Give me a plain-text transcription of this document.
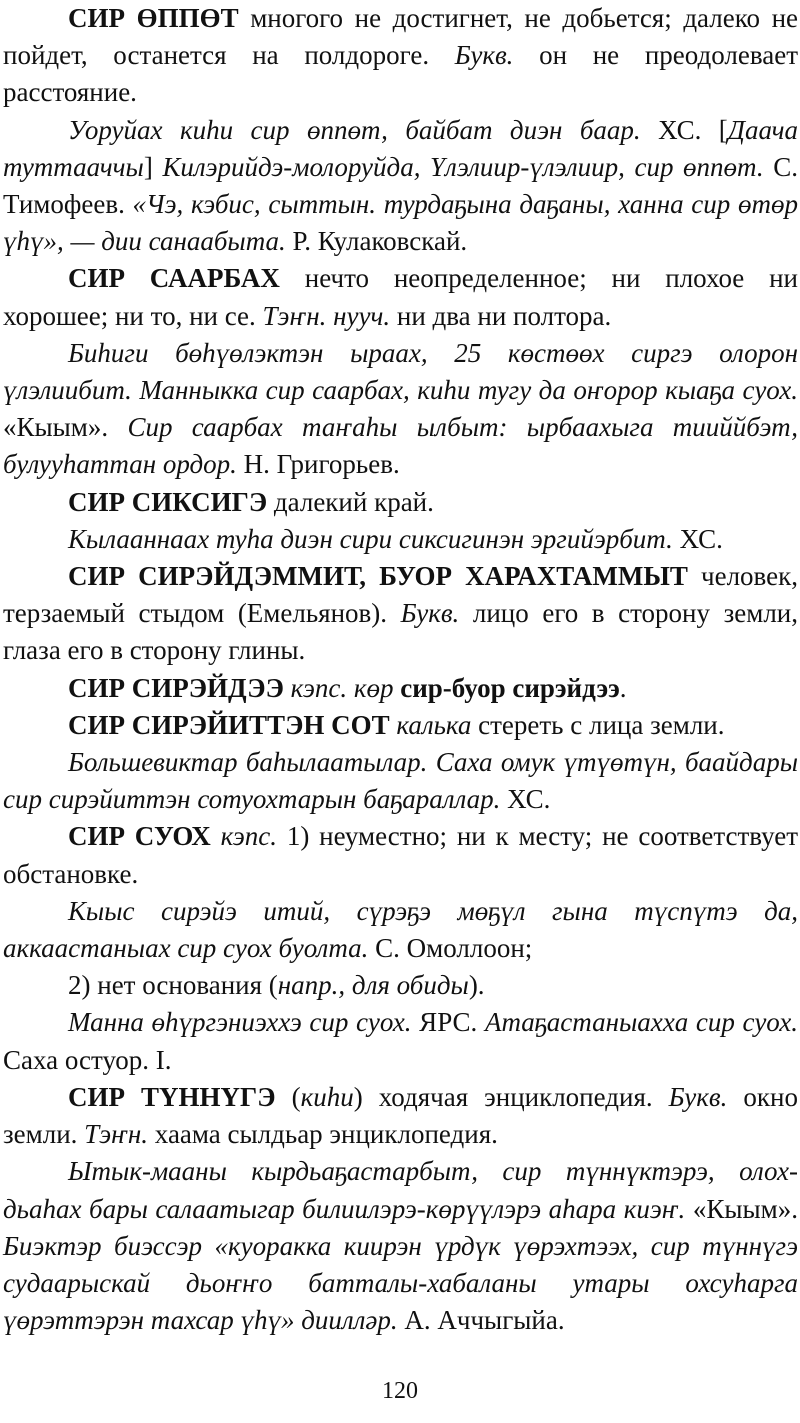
СИР ӨППӨТ многого не достигнет, не добьется; далеко не пойдет, останется на полдороге. Букв. он не преодолевает расстояние.

Уоруйах киһи сир өппөт, байбат диэн баар. ХС. [Даача туттааччы] Килэрийдэ-молоруйда, Үлэлиир-үлэлиир, сир өппөт. С. Тимофеев. «Чэ, кэбис, сыттын. турдаҕына даҕаны, ханна сир өтөр үһү», — дии санаабыта. Р. Кулаковскай.

СИР СААРБАХ нечто неопределенное; ни плохое ни хорошее; ни то, ни се. Тэҥн. нууч. ни два ни полтора.

Биһиги бөһүөлэктэн ыраах, 25 көстөөх сиргэ олорон үлэлиибит. Манныкка сир саарбах, киһи тугу да оҥорор кыаҕа суох. «Кыым». Сир саарбах таҥаһы ылбыт: ырбаахыга тииййбэт, булууһаттан ордор. Н. Григорьев.

СИР СИКСИГЭ далекий край.

Кылааннаах туһа диэн сири сиксигинэн эргийэрбит. ХС.

СИР СИРЭЙДЭММИТ, БУОР ХАРАХТАММЫТ человек, терзаемый стыдом (Емельянов). Букв. лицо его в сторону земли, глаза его в сторону глины.

СИР СИРЭЙДЭЭ кэпс. көр сир-буор сирэйдээ.

СИР СИРЭЙИТТЭН СОТ калька стереть с лица земли.

Большевиктар баһылаатылар. Саха омук үтүөтүн, баайдары сир сирэйиттэн сотуохтарын баҕараллар. ХС.

СИР СУОХ кэпс. 1) неуместно; ни к месту; не соответствует обстановке.

Кыыс сирэйэ итий, сүрэҕэ мөҕүл гына түспүтэ да, аккаастаныах сир суох буолта. С. Омоллоон;

2) нет основания (напр., для обиды).

Манна өһүргэниэххэ сир суох. ЯРС. Атаҕастаныаххa сир суох. Саха остуор. I.

СИР ТҮННҮГЭ (киһи) ходячая энциклопедия. Букв. окно земли. Тэҥн. хаама сылдьар энциклопедия.

Ытык-мааны кырдьаҕастарбыт, сир түннүктэрэ, олох-дьаһах бары салаатыгар билиилэрэ-көрүүлэрэ аһара киэҥ. «Кыым». Биэктэр биэссэр «куоракка киирэн үрдүк үөрэхтээх, сир түннүгэ судаарыскай дьоҥҥо батталы-хабаланы утары охсуһарга үөрэттэрэн тахсар үһү» диилләр. А. Аччыгыйа.

120
